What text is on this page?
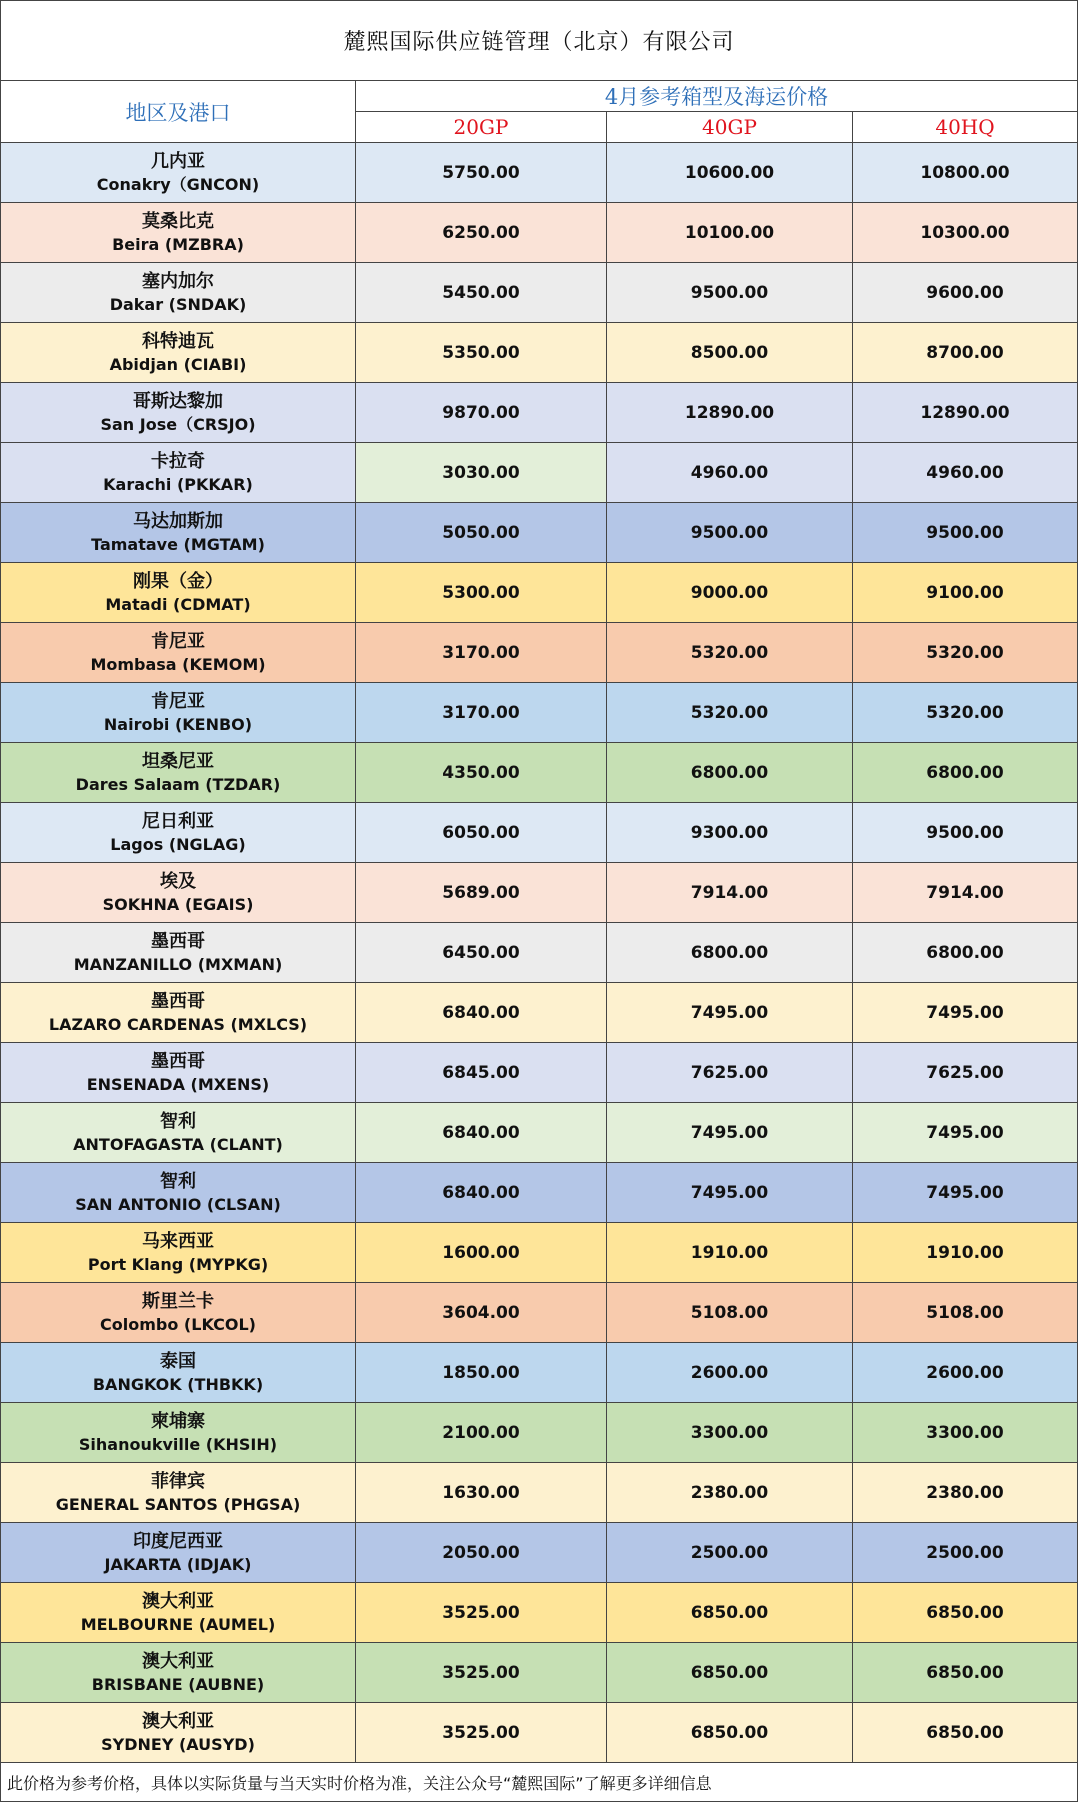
麓熙国际供应链管理（北京）有限公司			
地区及港口	4月参考箱型及海运价格		
	20GP	40GP	40HQ

几内亚
Conakry（GNCON)	5750.00	10600.00	10800.00

莫桑比克
Beira (MZBRA)	6250.00	10100.00	10300.00

塞内加尔
Dakar (SNDAK)	5450.00	9500.00	9600.00

科特迪瓦
Abidjan (CIABI)	5350.00	8500.00	8700.00

哥斯达黎加
San Jose（CRSJO)	9870.00	12890.00	12890.00

卡拉奇
Karachi (PKKAR)	3030.00	4960.00	4960.00

马达加斯加
Tamatave (MGTAM)	5050.00	9500.00	9500.00

刚果（金）
Matadi (CDMAT)	5300.00	9000.00	9100.00

肯尼亚
Mombasa (KEMOM)	3170.00	5320.00	5320.00

肯尼亚
Nairobi (KENBO)	3170.00	5320.00	5320.00

坦桑尼亚
Dares Salaam (TZDAR)	4350.00	6800.00	6800.00

尼日利亚
Lagos (NGLAG)	6050.00	9300.00	9500.00

埃及
SOKHNA (EGAIS)	5689.00	7914.00	7914.00

墨西哥
MANZANILLO (MXMAN)	6450.00	6800.00	6800.00

墨西哥
LAZARO CARDENAS (MXLCS)	6840.00	7495.00	7495.00

墨西哥
ENSENADA (MXENS)	6845.00	7625.00	7625.00

智利
ANTOFAGASTA (CLANT)	6840.00	7495.00	7495.00

智利
SAN ANTONIO (CLSAN)	6840.00	7495.00	7495.00

马来西亚
Port Klang (MYPKG)	1600.00	1910.00	1910.00

斯里兰卡
Colombo (LKCOL)	3604.00	5108.00	5108.00

泰国
BANGKOK (THBKK)	1850.00	2600.00	2600.00

柬埔寨
Sihanoukville (KHSIH)	2100.00	3300.00	3300.00

菲律宾
GENERAL SANTOS (PHGSA)	1630.00	2380.00	2380.00

印度尼西亚
JAKARTA (IDJAK)	2050.00	2500.00	2500.00

澳大利亚
MELBOURNE (AUMEL)	3525.00	6850.00	6850.00

澳大利亚
BRISBANE (AUBNE)	3525.00	6850.00	6850.00

澳大利亚
SYDNEY (AUSYD)	3525.00	6850.00	6850.00
此价格为参考价格，具体以实际货量与当天实时价格为准，关注公众号“麓熙国际”了解更多详细信息			
